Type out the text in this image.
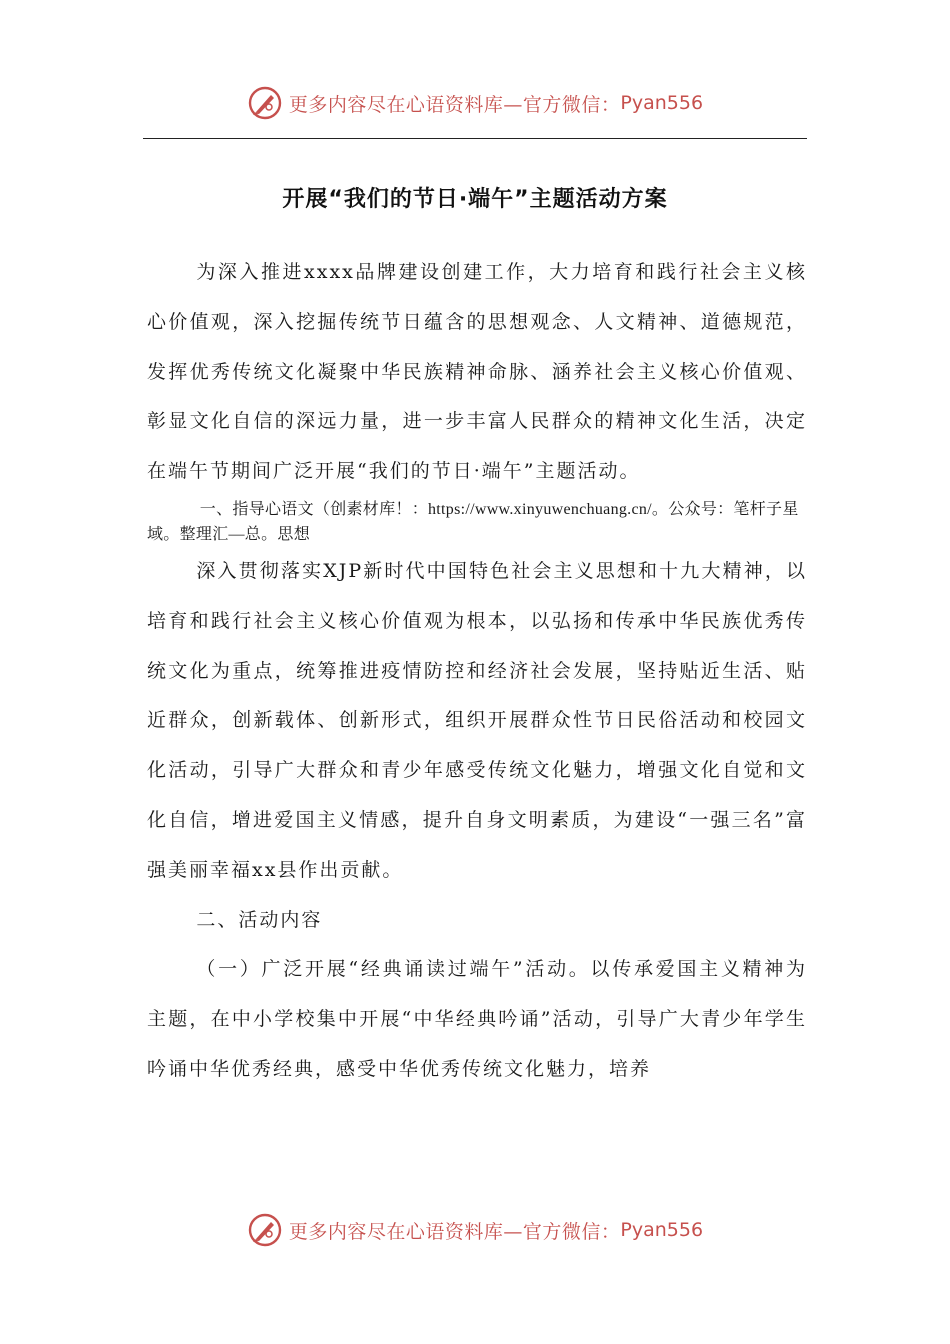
更多内容尽在心语资料库—官方微信： Pyan556
开展“我们的节日·端午”主题活动方案

为深入推进xxxx品牌建设创建工作，大力培育和践行社会主义核心价值观，深入挖掘传统节日蕴含的思想观念、人文精神、道德规范，发挥优秀传统文化凝聚中华民族精神命脉、涵养社会主义核心价值观、彰显文化自信的深远力量，进一步丰富人民群众的精神文化生活，决定在端午节期间广泛开展“我们的节日·端午”主题活动。

一、指导心语文（创素材库！：https://www.xinyuwenchuang.cn/。公众号：笔杆子星域。整理汇—总。思想

深入贯彻落实XJP新时代中国特色社会主义思想和十九大精神，以培育和践行社会主义核心价值观为根本，以弘扬和传承中华民族优秀传统文化为重点，统筹推进疫情防控和经济社会发展，坚持贴近生活、贴近群众，创新载体、创新形式，组织开展群众性节日民俗活动和校园文化活动，引导广大群众和青少年感受传统文化魅力，增强文化自觉和文化自信，增进爱国主义情感，提升自身文明素质，为建设“一强三名”富强美丽幸福xx县作出贡献。

二、活动内容

（一）广泛开展“经典诵读过端午”活动。以传承爱国主义精神为主题，在中小学校集中开展“中华经典吟诵”活动，引导广大青少年学生吟诵中华优秀经典，感受中华优秀传统文化魅力，培养

更多内容尽在心语资料库—官方微信： Pyan556
